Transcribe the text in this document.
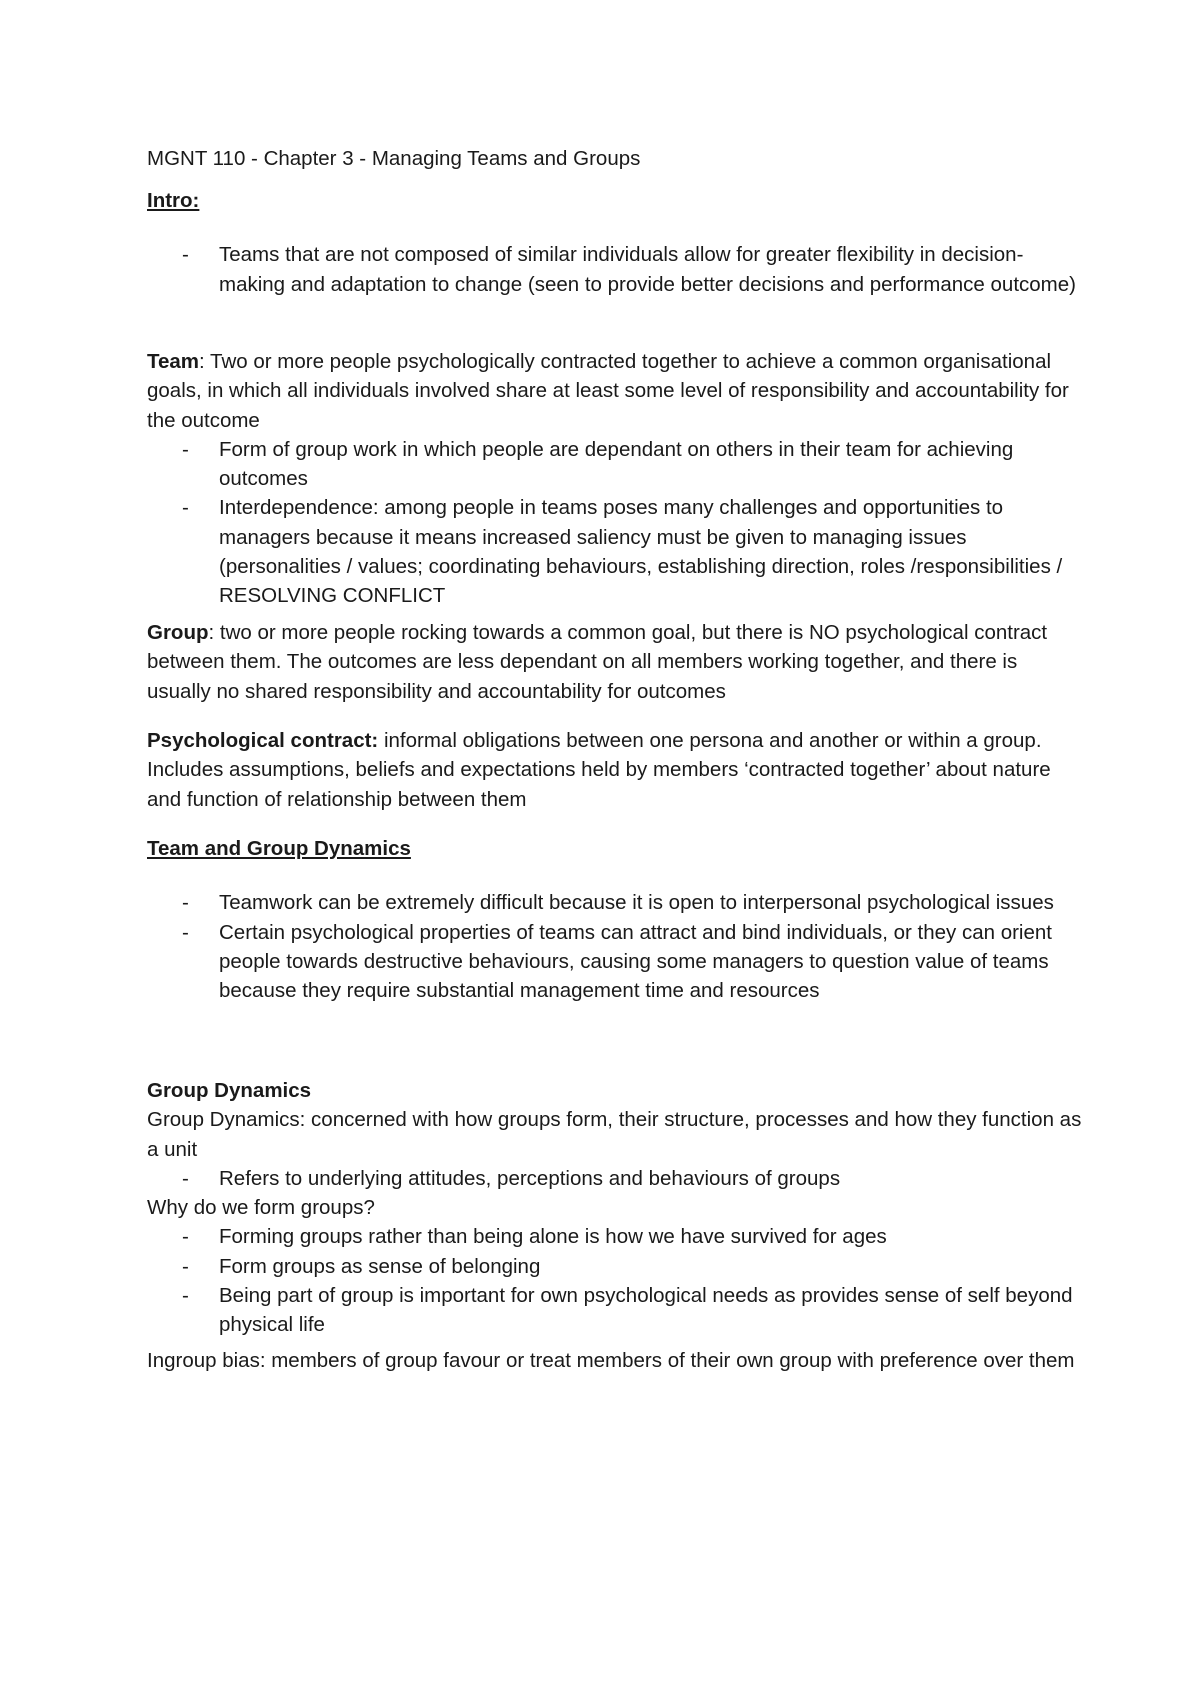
MGNT 110 - Chapter 3 - Managing Teams and Groups

Intro:

- Teams that are not composed of similar individuals allow for greater flexibility in decision-making and adaptation to change (seen to provide better decisions and performance outcome)

Team: Two or more people psychologically contracted together to achieve a common organisational goals, in which all individuals involved share at least some level of responsibility and accountability for the outcome

- Form of group work in which people are dependant on others in their team for achieving outcomes
- Interdependence: among people in teams poses many challenges and opportunities to managers because it means increased saliency must be given to managing issues (personalities / values; coordinating behaviours, establishing direction, roles /responsibilities / RESOLVING CONFLICT

Group: two or more people rocking towards a common goal, but there is NO psychological contract between them. The outcomes are less dependant on all members working together, and there is usually no shared responsibility and accountability for outcomes

Psychological contract: informal obligations between one persona and another or within a group. Includes assumptions, beliefs and expectations held by members ‘contracted together’ about nature and function of relationship between them

Team and Group Dynamics

- Teamwork can be extremely difficult because it is open to interpersonal psychological issues
- Certain psychological properties of teams can attract and bind individuals, or they can orient people towards destructive behaviours, causing some managers to question value of teams because they require substantial management time and resources

Group Dynamics

Group Dynamics: concerned with how groups form, their structure, processes and how they function as a unit

- Refers to underlying attitudes, perceptions and behaviours of groups

Why do we form groups?

- Forming groups rather than being alone is how we have survived for ages
- Form groups as sense of belonging
- Being part of group is important for own psychological needs as provides sense of self beyond physical life

Ingroup bias: members of group favour or treat members of their own group with preference over them
